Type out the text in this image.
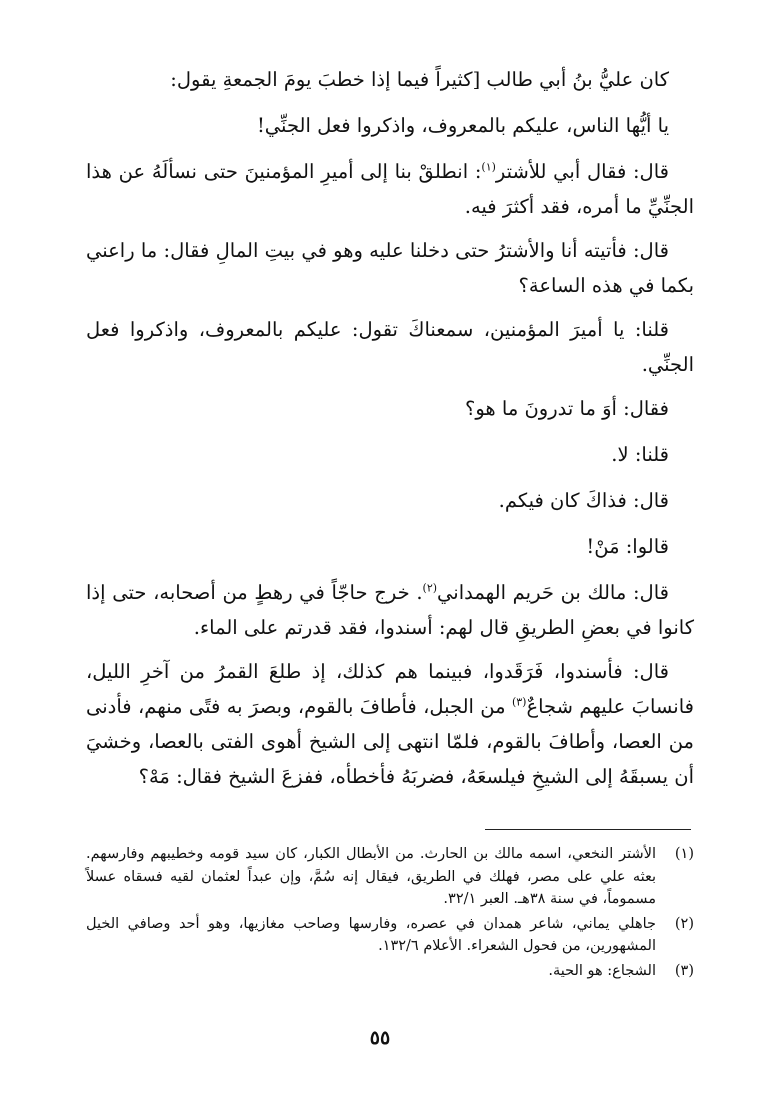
كان عليُّ بنُ أبي طالب [كثيراً فيما إذا خطبَ يومَ الجمعةِ يقول:

يا أيُّها الناس، عليكم بالمعروف، واذكروا فعل الجنِّي!

قال: فقال أبي للأشتر$^{(١)}$: انطلقْ بنا إلى أميرِ المؤمنينَ حتى نسألَهُ عن هذا الجنِّيِّ ما أمره، فقد أكثرَ فيه.

قال: فأتيته أنا والأشترُ حتى دخلنا عليه وهو في بيتِ المالِ فقال: ما راعني بكما في هذه الساعة؟

قلنا: يا أميرَ المؤمنين، سمعناكَ تقول: عليكم بالمعروف، واذكروا فعل الجنِّي.

فقال: أوَ ما تدرونَ ما هو؟

قلنا: لا.

قال: فذاكَ كان فيكم.

قالوا: مَنْ!

قال: مالك بن حَريم الهمداني$^{(٢)}$. خرج حاجّاً في رهطٍ من أصحابه، حتى إذا كانوا في بعضِ الطريقِ قال لهم: أسندوا، فقد قدرتم على الماء.

قال: فأسندوا، فَرَقَدوا، فبينما هم كذلك، إذ طلعَ القمرُ من آخرِ الليل، فانسابَ عليهم شجاعٌ$^{(٣)}$ من الجبل، فأطافَ بالقوم، وبصرَ به فتًى منهم، فأدنى من العصا، وأطافَ بالقوم، فلمّا انتهى إلى الشيخ أهوى الفتى بالعصا، وخشيَ أن يسبقَهُ إلى الشيخِ فيلسعَهُ، فضربَهُ فأخطأه، ففزعَ الشيخ فقال: مَهْ؟

(١)
الأشتر النخعي، اسمه مالك بن الحارث. من الأبطال الكبار، كان سيد قومه وخطيبهم وفارسهم. بعثه علي على مصر، فهلك في الطريق، فيقال إنه سُمَّ، وإن عبداً لعثمان لقيه فسقاه عسلاً مسموماً، في سنة ٣٨هـ. العبر ٣٢/١.
(٢)
جاهلي يماني، شاعر همدان في عصره، وفارسها وصاحب مغازيها، وهو أحد وصافي الخيل المشهورين، من فحول الشعراء. الأعلام ١٣٢/٦.
(٣)
الشجاع: هو الحية.
٥٥
